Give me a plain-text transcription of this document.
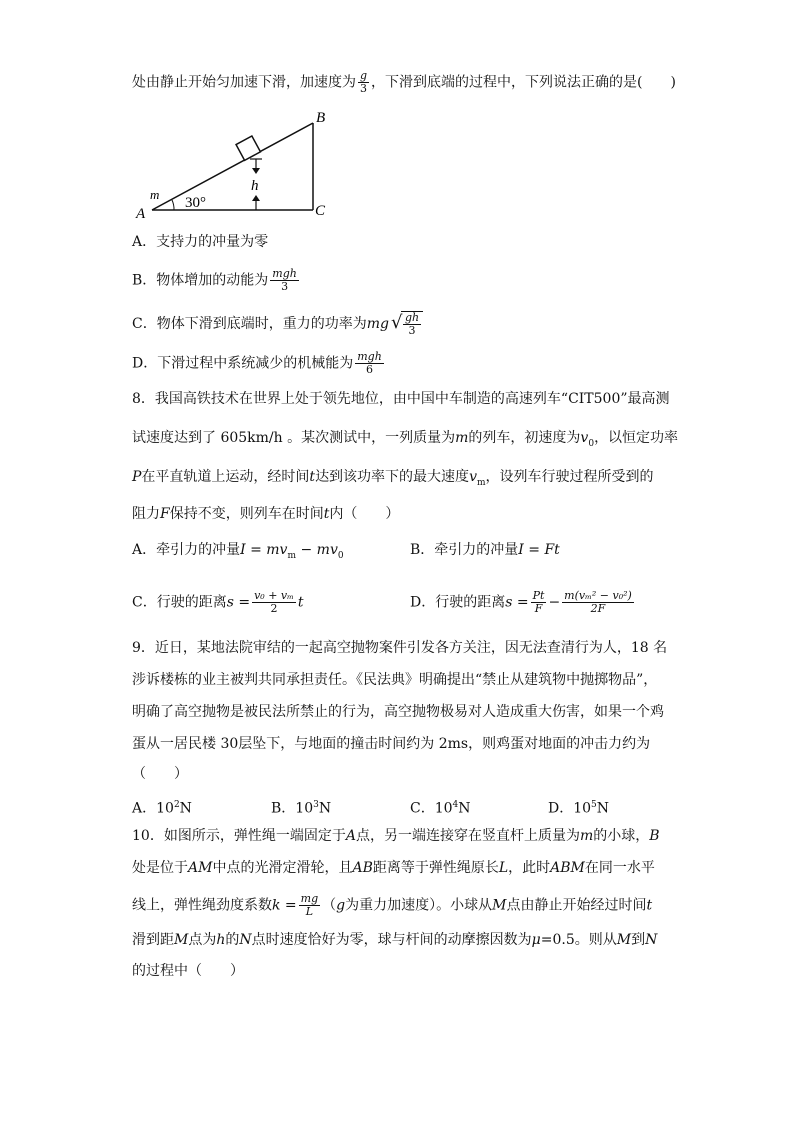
处由静止开始匀加速下滑，加速度为 $\frac{g}{3}$ ，下滑到底端的过程中，下列说法正确的是(　　)
h
B
C
A
m
30°
A．支持力的冲量为零
B．物体增加的动能为 $\frac{\text{mgh}}{3}$
C．物体下滑到底端时，重力的功率为mg
√ $\frac{gh}{3}$
D．下滑过程中系统减少的机械能为 $\frac{\text{mgh}}{6}$
8．我国高铁技术在世界上处于领先地位，由中国中车制造的高速列车“CIT500”最高测
试速度达到了 605km/h 。某次测试中，一列质量为m的列车，初速度为$v_0$，以恒定功率
P在平直轨道上运动，经时间t达到该功率下的最大速度$v_m$，设列车行驶过程所受到的
阻力F保持不变，则列车在时间t内（　　）
A．牵引力的冲量$I = mv_m - mv_0$	B．牵引力的冲量I = Ft
C．行驶的距离$s = \frac{\text{v₀ + vₘ}}{2}$ t	D．行驶的距离$s = \frac{Pt}{F} - \frac{\text{m(vₘ² − v₀²)}}{2F}$
9．近日，某地法院审结的一起高空抛物案件引发各方关注，因无法查清行为人，18 名
涉诉楼栋的业主被判共同承担责任。《民法典》明确提出“禁止从建筑物中抛掷物品”，
明确了高空抛物是被民法所禁止的行为，高空抛物极易对人造成重大伤害，如果一个鸡
蛋从一居民楼 30层坠下，与地面的撞击时间约为 2ms，则鸡蛋对地面的冲击力约为
（　　）
A．$10^2N$	B．$10^3N$	C．$10^4N$	D．$10^5N$
10．如图所示，弹性绳一端固定于A点，另一端连接穿在竖直杆上质量为m的小球，B
处是位于AM中点的光滑定滑轮，且AB距离等于弹性绳原长L，此时ABM在同一水平
线上，弹性绳劲度系数$k = \frac{mg}{L} (g$为重力加速度）。小球从M点由静止开始经过时间t
滑到距M点为h的N点时速度恰好为零，球与杆间的动摩擦因数为μ=0.5。则从M到N
的过程中（　　）
